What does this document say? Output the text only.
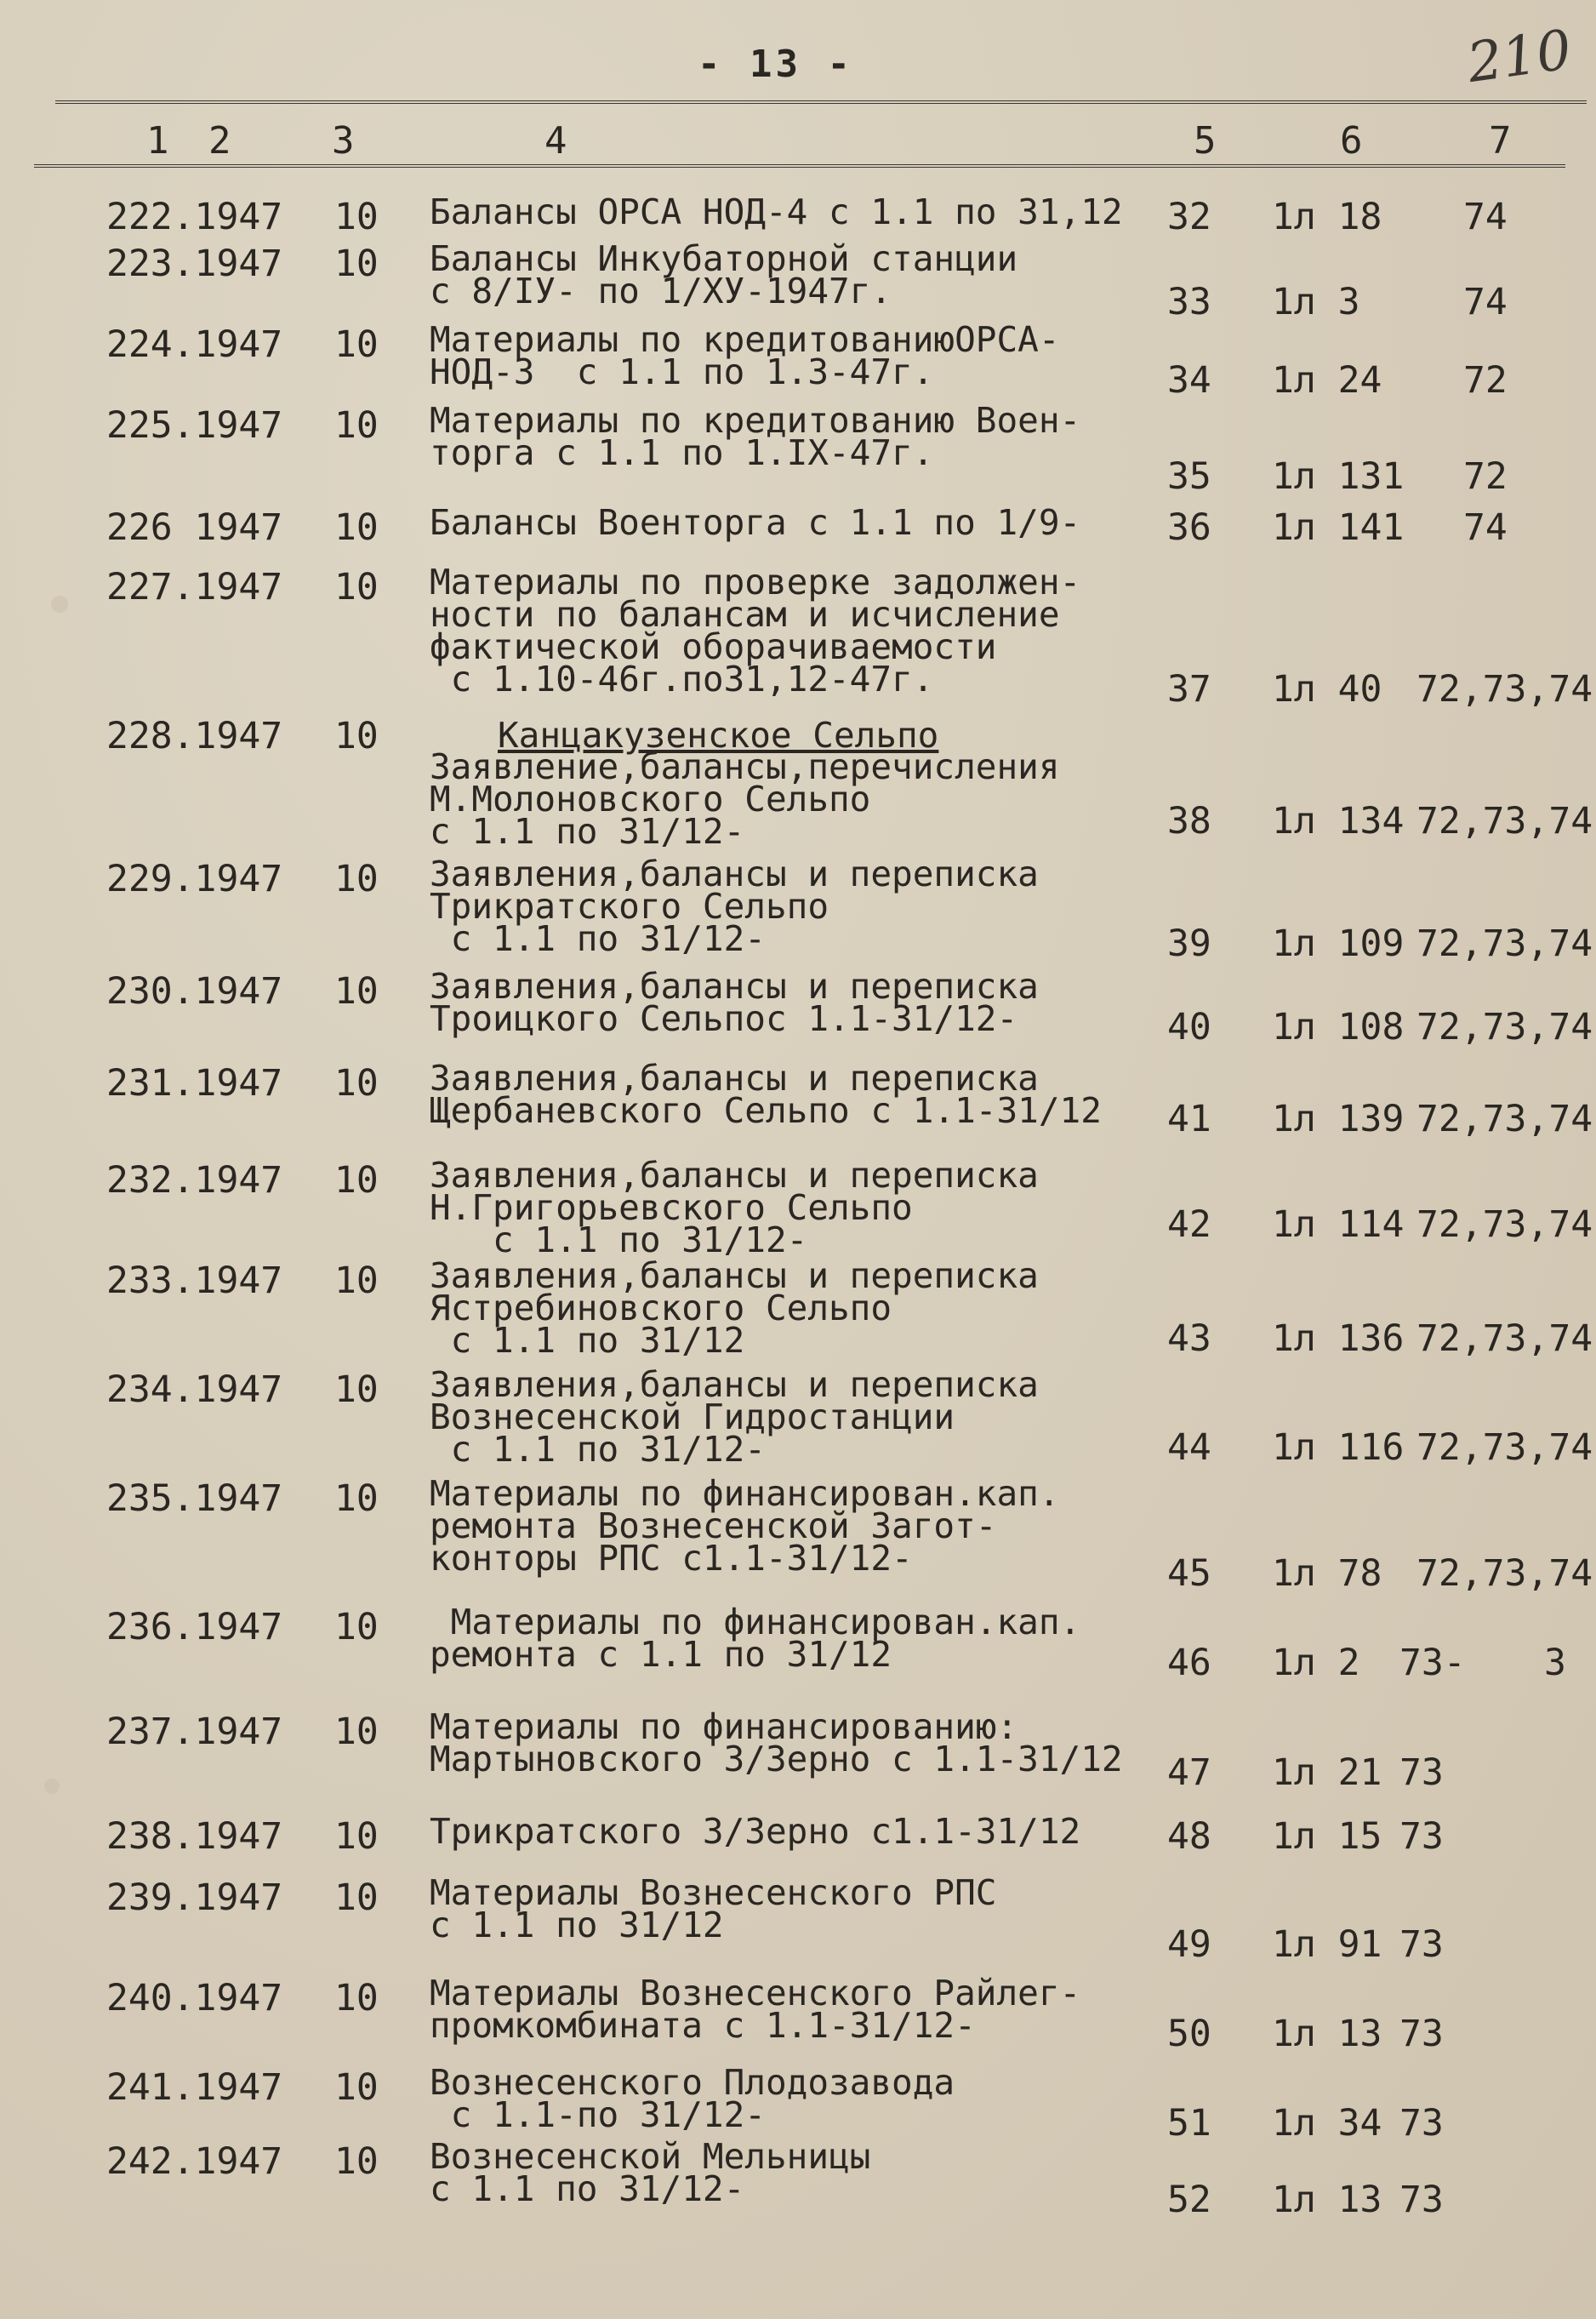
- 13 -	210
1 2	3	4	5	6	7
222.1947 10 Балансы ОРСА НОД-4 с 1.1 по 31,12 32 1л 18 74
223.1947 10 Балансы Инкубаторной станции
с 8/IУ- по 1/ХУ-1947г.	33 1л 3	74
224.1947 10 Материалы по кредитованиюОРСА-
НОД-3  с 1.1 по 1.3-47г.	34 1л 24 72
225.1947 10 Материалы по кредитованию Воен-
торга с 1.1 по 1.IХ-47г.
35 1л 131 72
226 1947 10 Балансы Военторга с 1.1 по 1/9- 36 1л 141 74
227.1947 10 Материалы по проверке задолжен-
ности по балансам и исчисление
фактической оборачиваемости
с 1.10-46г.по31,12-47г.	37 1л 40 72,73,74
228.1947 10	Канцакузенское Сельпо
Заявление,балансы,перечисления
М.Молоновского Сельпо
с 1.1 по 31/12-	38 1л 134 72,73,74
229.1947 10 Заявления,балансы и переписка
Трикратского Сельпо
с 1.1 по 31/12-	39 1л 109 72,73,74
230.1947 10 Заявления,балансы и переписка
Троицкого Сельпос 1.1-31/12-	40 1л 108 72,73,74
231.1947 10 Заявления,балансы и переписка
Щербаневского Сельпо с 1.1-31/12 41 1л 139 72,73,74
232.1947 10 Заявления,балансы и переписка
Н.Григорьевского Сельпо
с 1.1 по 31/12-	42 1л 114 72,73,74
233.1947 10 Заявления,балансы и переписка
Ястребиновского Сельпо
с 1.1 по 31/12	43 1л 136 72,73,74
234.1947 10 Заявления,балансы и переписка
Вознесенской Гидростанции
с 1.1 по 31/12-	44 1л 116 72,73,74
235.1947 10 Материалы по финансирован.кап.
ремонта Вознесенской Загот-
конторы РПС с1.1-31/12-	45 1л 78 72,73,74
236.1947 10	Материалы по финансирован.кап.
ремонта с 1.1 по 31/12	46 1л 2 73- 3
237.1947 10 Материалы по финансированию:
Мартыновского З/Зерно с 1.1-31/12 47 1л 21 73
238.1947 10 Трикратского З/Зерно с1.1-31/12 48 1л 15 73
239.1947 10 Материалы Вознесенского РПС
с 1.1 по 31/12	49 1л 91 73
240.1947 10 Материалы Вознесенского Райлег-
промкомбината с 1.1-31/12-	50 1л 13 73
241.1947 10 Вознесенского Плодозавода
с 1.1-по 31/12-	51 1л 34 73
242.1947 10 Вознесенской Мельницы
с 1.1 по 31/12-	52 1л 13 73
